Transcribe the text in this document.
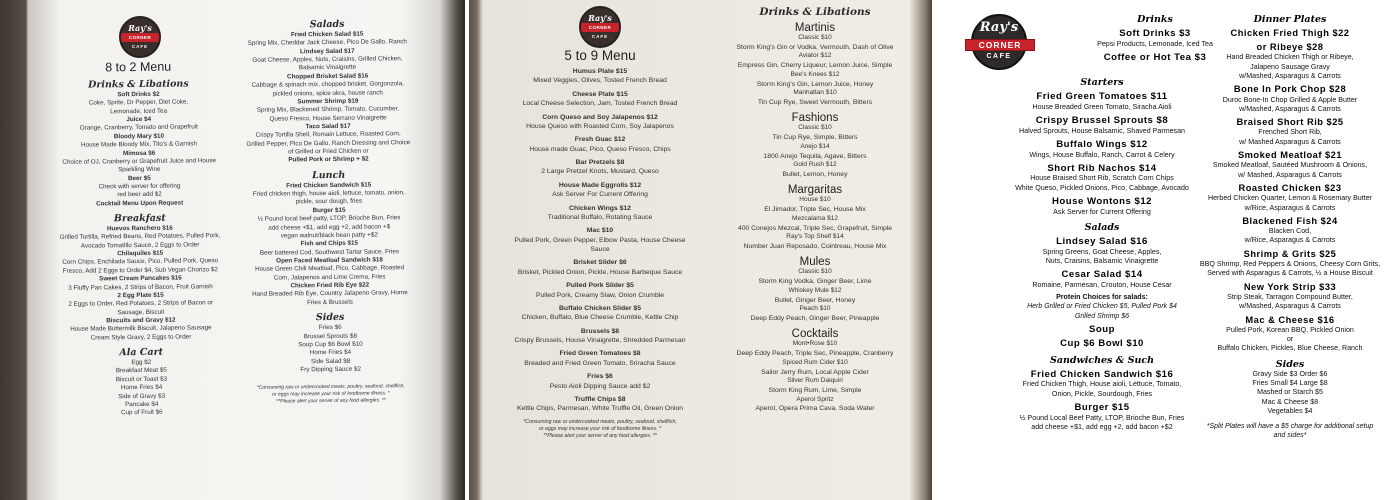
Ray's
CORNER
CAFE
8 to 2 Menu
Drinks & Libations
Soft Drinks $2
Coke, Sprite, Dr Pepper, Diet Coke,
Lemonade, Iced Tea
Juice $4
Orange, Cranberry, Tomato and Grapefruit
Bloody Mary $10
House Made Bloody Mix, Tito's & Garnish
Mimosa $6
Choice of OJ, Cranberry or Grapefruit Juice and House
Sparkling Wine
Beer $5
Check with server for offering
red beer add $2
Cocktail Menu Upon Request
Breakfast
Huevos Ranchero $16
Grilled Tortilla, Refried Beans, Red Potatoes, Pulled Pork,
Avocado Tomatillo Sauce, 2 Eggs to Order
Chilaquiles $15
Corn Chips, Enchilada Sauce, Pico, Pulled Pork, Queso
Fresco, Add 2 Eggs to Order $4, Sub Vegan Chorizo $2
Sweet Cream Pancakes $16
3 Fluffy Pan Cakes, 2 Strips of Bacon, Fruit Garnish
2 Egg Plate $15
2 Eggs to Order, Red Potatoes, 2 Strips of Bacon or
Sausage, Biscuit
Biscuits and Gravy $12
House Made Buttermilk Biscuit, Jalapeno Sausage
Cream Style Gravy, 2 Eggs to Order
Ala Cart
Egg $2
Breakfast Meat $5
Biscuit or Toast $3
Home Fries $4
Side of Gravy $3
Pancake $4
Cup of Fruit $6
Salads
Fried Chicken Salad $15
Spring Mix, Cheddar Jack Cheese, Pico De Gallo, Ranch
Lindsey Salad $17
Goat Cheese, Apples, Nuts, Craisins, Grilled Chicken,
Balsamic Vinaigrette
Chopped Brisket Salad $16
Cabbage & spinach mix, chopped brisket, Gorgonzola,
pickled onions, spice okra, house ranch
Summer Shrimp $19
Spring Mix, Blackened Shrimp, Tomato, Cucumber,
Queso Fresco, House Serrano Vinaigrette
Taco Salad $17
Crispy Tortilla Shell, Romain Lettuce, Roasted Corn,
Grilled Pepper, Pico De Gallo, Ranch Dressing and Choice
of Grilled or Fried Chicken or
Pulled Pork or Shrimp + $2
Lunch
Fried Chicken Sandwich $15
Fried chicken thigh, house aioli, lettuce, tomato, onion,
pickle, sour dough, fries
Burger $15
½ Pound local beef patty, LTOP, Brioche Bun, Fries
add cheese +$1, add egg +2, add bacon +$
vegan walnut/black bean patty +$2
Fish and Chips $15
Beer battered Cod, Southwest Tartar Sauce, Fries
Open Faced Meatloaf Sandwich $18
House Green Chili Meatloaf, Pico, Cabbage, Roasted
Corn, Jalapenos and Lime Crema, Fries
Chicken Fried Rib Eye $22
Hand Breaded Rib Eye, Country Jalapeno Gravy, Home
Fries & Brussels
Sides
Fries $6
Brussel Sprouts $8
Soup Cup $6 Bowl $10
Home Fries $4
Side Salad $8
Fry Dipping Sauce $2
*Consuming raw or undercooked meats, poultry, seafood, shellfish,
or eggs may increase your risk of foodborne illness. *
**Please alert your server of any food allergies. **
Ray's
CORNER
CAFE
5 to 9 Menu
Humus Plate $15
Mixed Veggies, Olives, Tosted French Bread
Cheese Plate $15
Local Cheese Selection, Jam, Tosted French Bread
Corn Queso and Soy Jalapenos $12
House Queso with Roasted Corn, Soy Jalapenos
Fresh Guac $12
House made Guac, Pico, Queso Fresco, Chips
Bar Pretzels $8
2 Large Pretzel Knots, Mustard, Queso
House Made Eggrolls $12
Ask Server For Current Offering
Chicken Wings $12
Traditional Buffalo, Rotating Sauce
Mac $10
Pulled Pork, Green Pepper, Elbow Pasta, House Cheese
Sauce
Brisket Slider $6
Brisket, Pickled Onion, Pickle, House Barbeque Sauce
Pulled Pork Slider $5
Pulled Pork, Creamy Slaw, Onion Crumble
Buffalo Chicken Slider $5
Chicken, Buffalo, Blue Cheese Crumble, Kettle Chip
Brussels $8
Crispy Brussels, House Vinaigrette, Shredded Parmesan
Fried Green Tomatoes $8
Breaded and Fried Green Tomato, Sriracha Sauce
Fries $6
Pesto Aioli Dipping Sauce add $2
Truffle Chips $8
Kettle Chips, Parmesan, White Truffle Oil, Green Onion
*Consuming raw or undercooked meats, poultry, seafood, shellfish,
or eggs may increase your risk of foodborne illness. *
**Please alert your server of any food allergies. **
Drinks & Libations
Martinis
Classic $10
Storm King's Gin or Vodka, Vermouth, Dash of Olive
Aviator $12
Empress Gin, Cherry Liqueur, Lemon Juice, Simple
Bee's Knees $12
Storm King's Gin, Lemon Juice, Honey
Manhattan $10
Tin Cup Rye, Sweet Vermouth, Bitters
Fashions
Classic $10
Tin Cup Rye, Simple, Bitters
Anejo $14
1800 Anejo Tequila, Agave, Bitters
Gold Rush $12
Bullet, Lemon, Honey
Margaritas
House $10
El Jimador, Triple Sec, House Mix
Mezcalama $12
400 Conejos Mezcal, Triple Sec, Grapefruit, Simple
Ray's Top Shelf $14
Number Juan Reposado, Cointreau, House Mix
Mules
Classic $10
Storm King Vodka, Ginger Beer, Lime
Whiskey Mule $12
Bullet, Ginger Beer, Honey
Peach $10
Deep Eddy Peach, Ginger Beer, Pineapple
Cocktails
Mont•Rose $10
Deep Eddy Peach, Triple Sec, Pineapple, Cranberry
Spiced Rum Cider $10
Sailor Jerry Rum, Local Apple Cider
Silver Rum Daiquiri
Storm King Rum, Lime, Simple
Aperol Spritz
Aperol, Opera Prima Cava, Soda Water
Ray's
CORNER
CAFE
Drinks
Soft Drinks $3
Pepsi Products, Lemonade, Iced Tea
Coffee or Hot Tea $3
Starters
Fried Green Tomatoes $11
House Breaded Green Tomato, Siracha Aioli
Crispy Brussel Sprouts $8
Halved Sprouts, House Balsamic, Shaved Parmesan
Buffalo Wings $12
Wings, House Buffalo, Ranch, Carrot & Celery
Short Rib Nachos $14
House Braised Short Rib, Scratch Corn Chips
White Queso, Pickled Onions, Pico, Cabbage, Avocado
House Wontons $12
Ask Server for Current Offering
Salads
Lindsey Salad $16
Spring Greens, Goat Cheese, Apples,
Nuts, Craisins, Balsamic Vinaigrette
Cesar Salad $14
Romaine, Parmesan, Crouton, House Cesar
Protein Choices for salads:
Herb Grilled or Fried Chicken $5, Pulled Pork $4
Grilled Shrimp $6
Soup
Cup $6 Bowl $10
Sandwiches & Such
Fried Chicken Sandwich $16
Fried Chicken Thigh, House aioli, Lettuce, Tomato,
Onion, Pickle, Sourdough, Fries
Burger $15
½ Pound Local Beef Patty, LTOP, Brioche Bun, Fries
add cheese +$1, add egg +2, add bacon +$2
Dinner Plates
Chicken Fried Thigh $22
or Ribeye $28
Hand Breaded Chicken Thigh or Ribeye,
Jalapeno Sausage Gravy
w/Mashed, Asparagus & Carrots
Bone In Pork Chop $28
Duroc Bone-In Chop Grilled & Apple Butter
w/Mashed, Asparagus & Carrots
Braised Short Rib $25
Frenched Short Rib,
w/ Mashed Asparagus & Carrots
Smoked Meatloaf $21
Smoked Meatloaf, Sautéed Mushroom & Onions,
w/ Mashed, Asparagus & Carrots
Roasted Chicken $23
Herbed Chicken Quarter, Lemon & Rosemary Butter
w/Rice, Asparagus & Carrots
Blackened Fish $24
Blacken Cod,
w/Rice, Asparagus & Carrots
Shrimp & Grits $25
BBQ Shrimp, Red Peppers & Onions, Cheesy Corn Grits,
Served with Asparagus & Carrots, ½ a House Biscuit
New York Strip $33
Strip Steak, Tarragon Compound Butter,
w/Mashed, Asparagus & Carrots
Mac & Cheese $16
Pulled Pork, Korean BBQ, Pickled Onion
or
Buffalo Chicken, Pickles, Blue Cheese, Ranch
Sides
Gravy Side $3 Order $6
Fries Small $4 Large $8
Mashed or Starch $5
Mac & Cheese $8
Vegetables $4
*Split Plates will have a $5 charge for additional setup
and sides*
